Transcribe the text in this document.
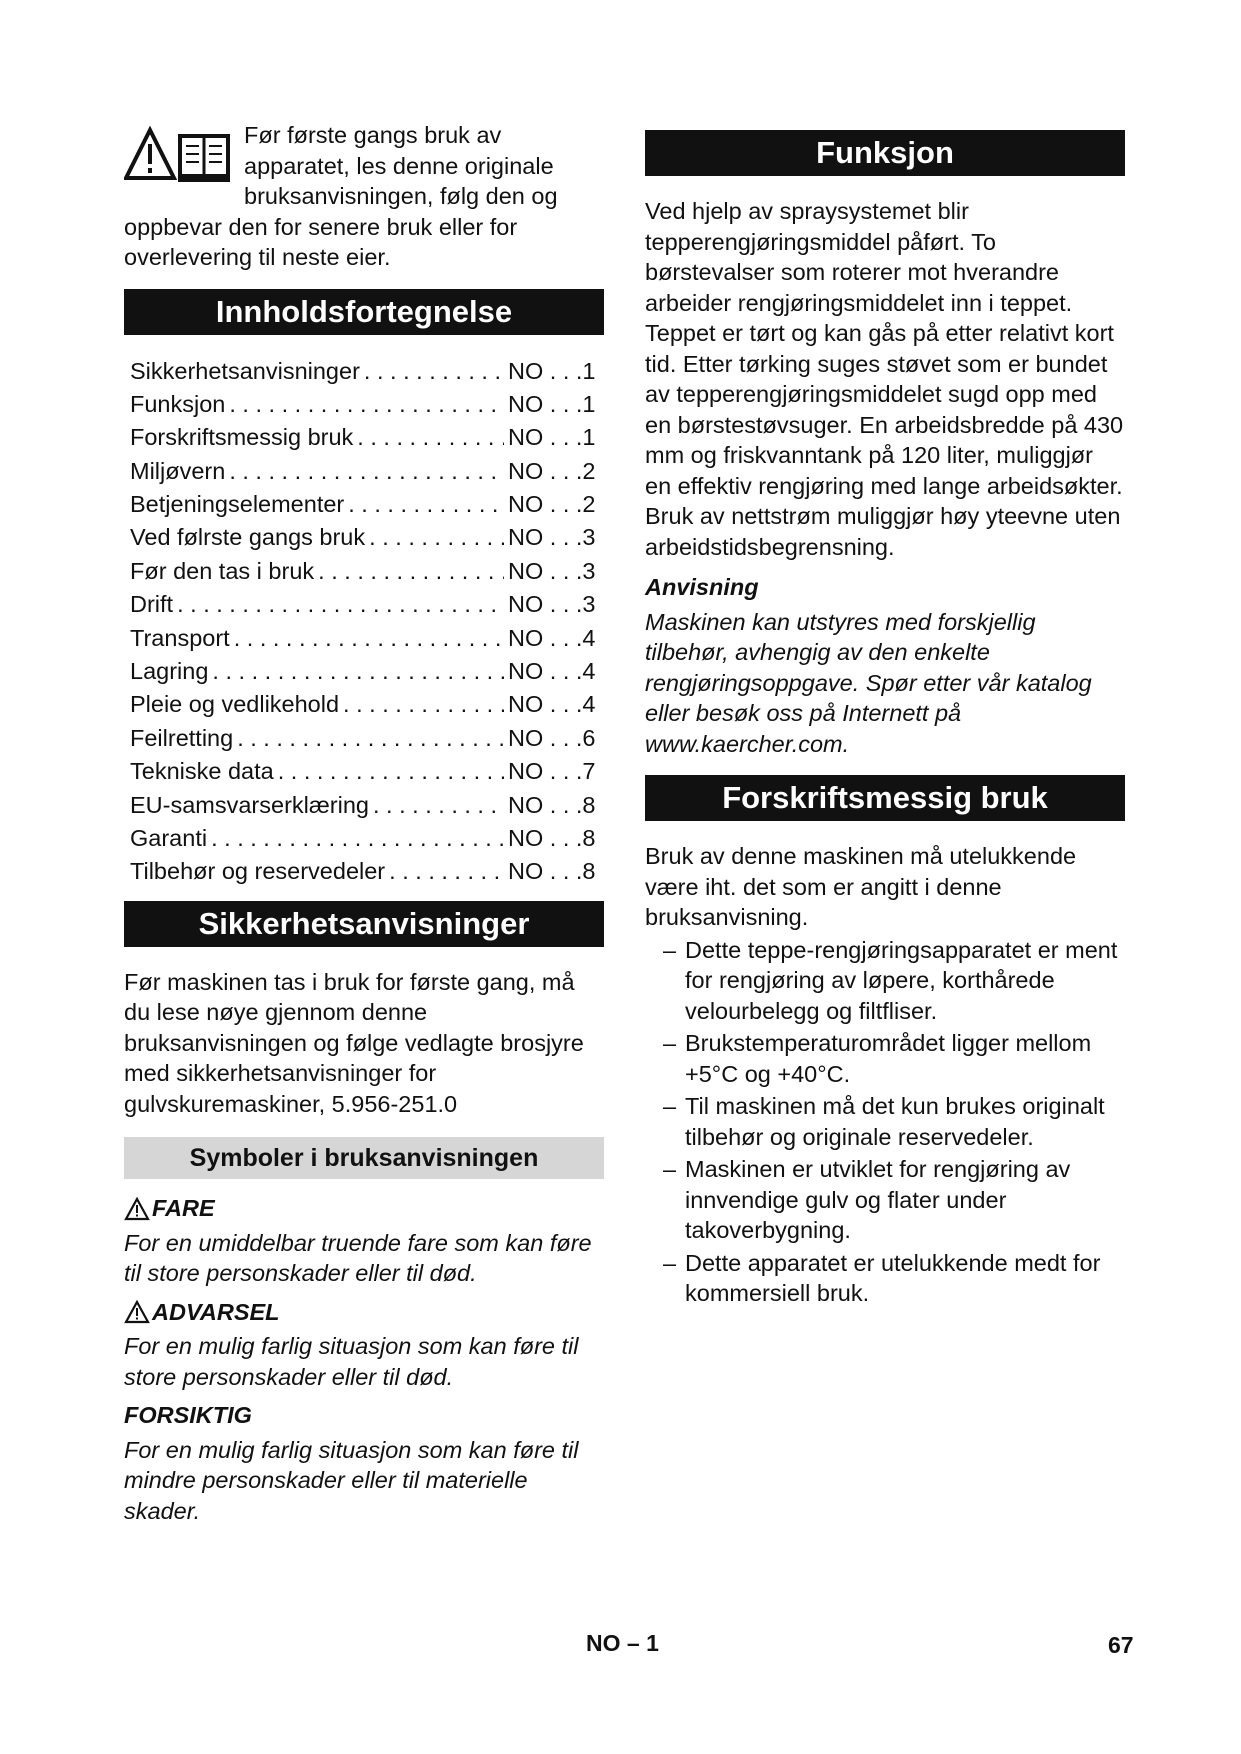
Før første gangs bruk av apparatet, les denne originale bruksanvisningen, følg den og oppbevar den for senere bruk eller for overlevering til neste eier.

Innholdsfortegnelse
Sikkerhetsanvisninger . . .	NO . . .1
Funksjon . . .	NO . . .1
Forskriftsmessig bruk . . .	NO . . .1
Miljøvern . . .	NO . . .2
Betjeningselementer . . .	NO . . .2
Ved følrste gangs bruk . . .	NO . . .3
Før den tas i bruk . . .	NO . . .3
Drift . . .	NO . . .3
Transport . . .	NO . . .4
Lagring . . .	NO . . .4
Pleie og vedlikehold . . .	NO . . .4
Feilretting . . .	NO . . .6
Tekniske data . . .	NO . . .7
EU-samsvarserklæring . . .	NO . . .8
Garanti . . .	NO . . .8
Tilbehør og reservedeler . . .	NO . . .8
Sikkerhetsanvisninger

Før maskinen tas i bruk for første gang, må du lese nøye gjennom denne bruksanvisningen og følge vedlagte brosjyre med sikkerhetsanvisninger for gulvskuremaskiner, 5.956-251.0

Symboler i bruksanvisningen
FARE

For en umiddelbar truende fare som kan føre til store personskader eller til død.

ADVARSEL

For en mulig farlig situasjon som kan føre til store personskader eller til død.

FORSIKTIG

For en mulig farlig situasjon som kan føre til mindre personskader eller til materielle skader.

Funksjon

Ved hjelp av spraysystemet blir tepperengjøringsmiddel påført. To børstevalser som roterer mot hverandre arbeider rengjøringsmiddelet inn i teppet. Teppet er tørt og kan gås på etter relativt kort tid. Etter tørking suges støvet som er bundet av tepperengjøringsmiddelet sugd opp med en børstestøvsuger. En arbeidsbredde på 430 mm og friskvanntank på 120 liter, muliggjør en effektiv rengjøring med lange arbeidsøkter.

Bruk av nettstrøm muliggjør høy yteevne uten arbeidstidsbegrensning.

Anvisning

Maskinen kan utstyres med forskjellig tilbehør, avhengig av den enkelte rengjøringsoppgave. Spør etter vår katalog eller besøk oss på Internett på www.kaercher.com.

Forskriftsmessig bruk

Bruk av denne maskinen må utelukkende være iht. det som er angitt i denne bruksanvisning.

– Dette teppe-rengjøringsapparatet er ment for rengjøring av løpere, korthårede velourbelegg og filtfliser.
– Brukstemperaturområdet ligger mellom +5°C og +40°C.
– Til maskinen må det kun brukes originalt tilbehør og originale reservedeler.
– Maskinen er utviklet for rengjøring av innvendige gulv og flater under takoverbygning.
– Dette apparatet er utelukkende medt for kommersiell bruk.
NO – 1	67
